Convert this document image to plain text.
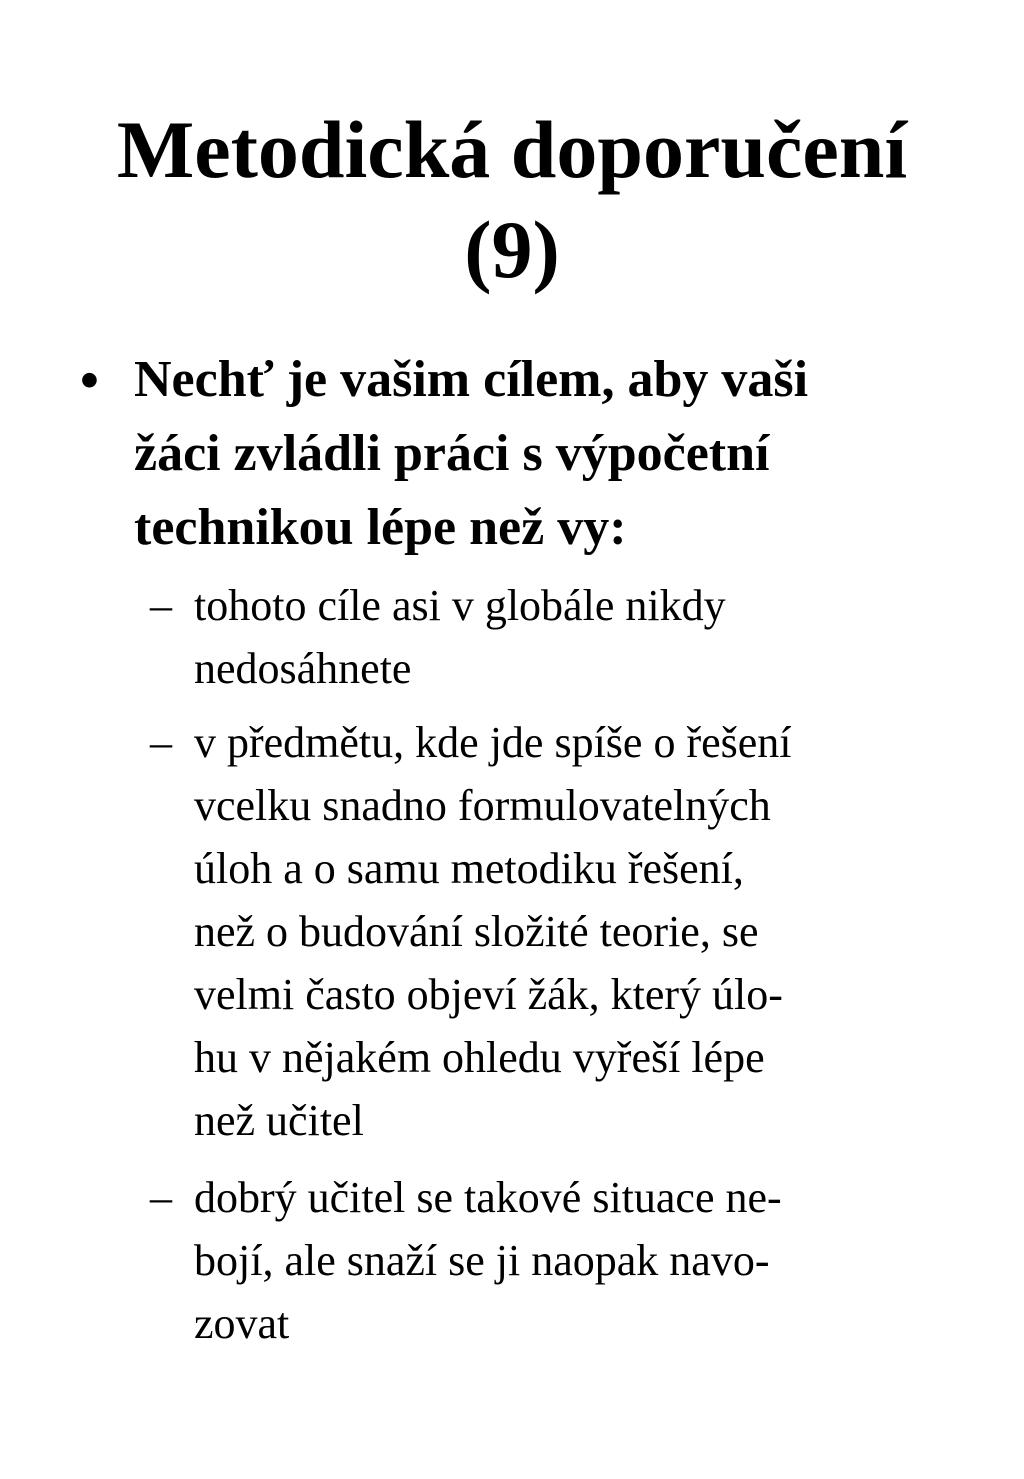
Metodická doporučení
(9)
• Nechť je vašim cílem, aby vaši
žáci zvládli práci s výpočetní
technikou lépe než vy:
– tohoto cíle asi v globále nikdy
nedosáhnete
– v předmětu, kde jde spíše o řešení
vcelku snadno formulovatelných
úloh a o samu metodiku řešení,
než o budování složité teorie, se
velmi často objeví žák, který úlo-
hu v nějakém ohledu vyřeší lépe
než učitel
– dobrý učitel se takové situace ne-
bojí, ale snaží se ji naopak navo-
zovat
